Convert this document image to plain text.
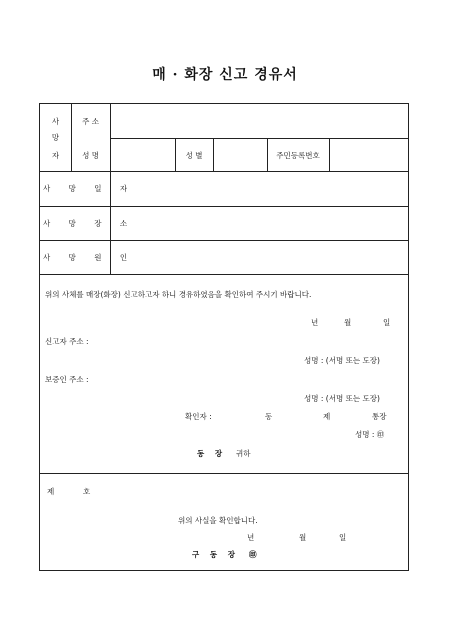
매 · 화장 신고 경유서
사
망
자
주 소
성 명	성 별	주민등록번호
사 망 일 자
사 망 장 소
사 망 원 인
위의 사체를 매장(화장) 신고하고자 하니 경유하였음을 확인하여 주시기 바랍니다.
년	월	일
신고자 주소 :
성명 : (서명 또는 도장)
보증인 주소 :
성명 : (서명 또는 도장)
확인자 :	동	제	통장
성명 : ㊞
동 장 귀하
제	호
위의 사실을 확인합니다.
년	월	일
구 동 장 ㊞
